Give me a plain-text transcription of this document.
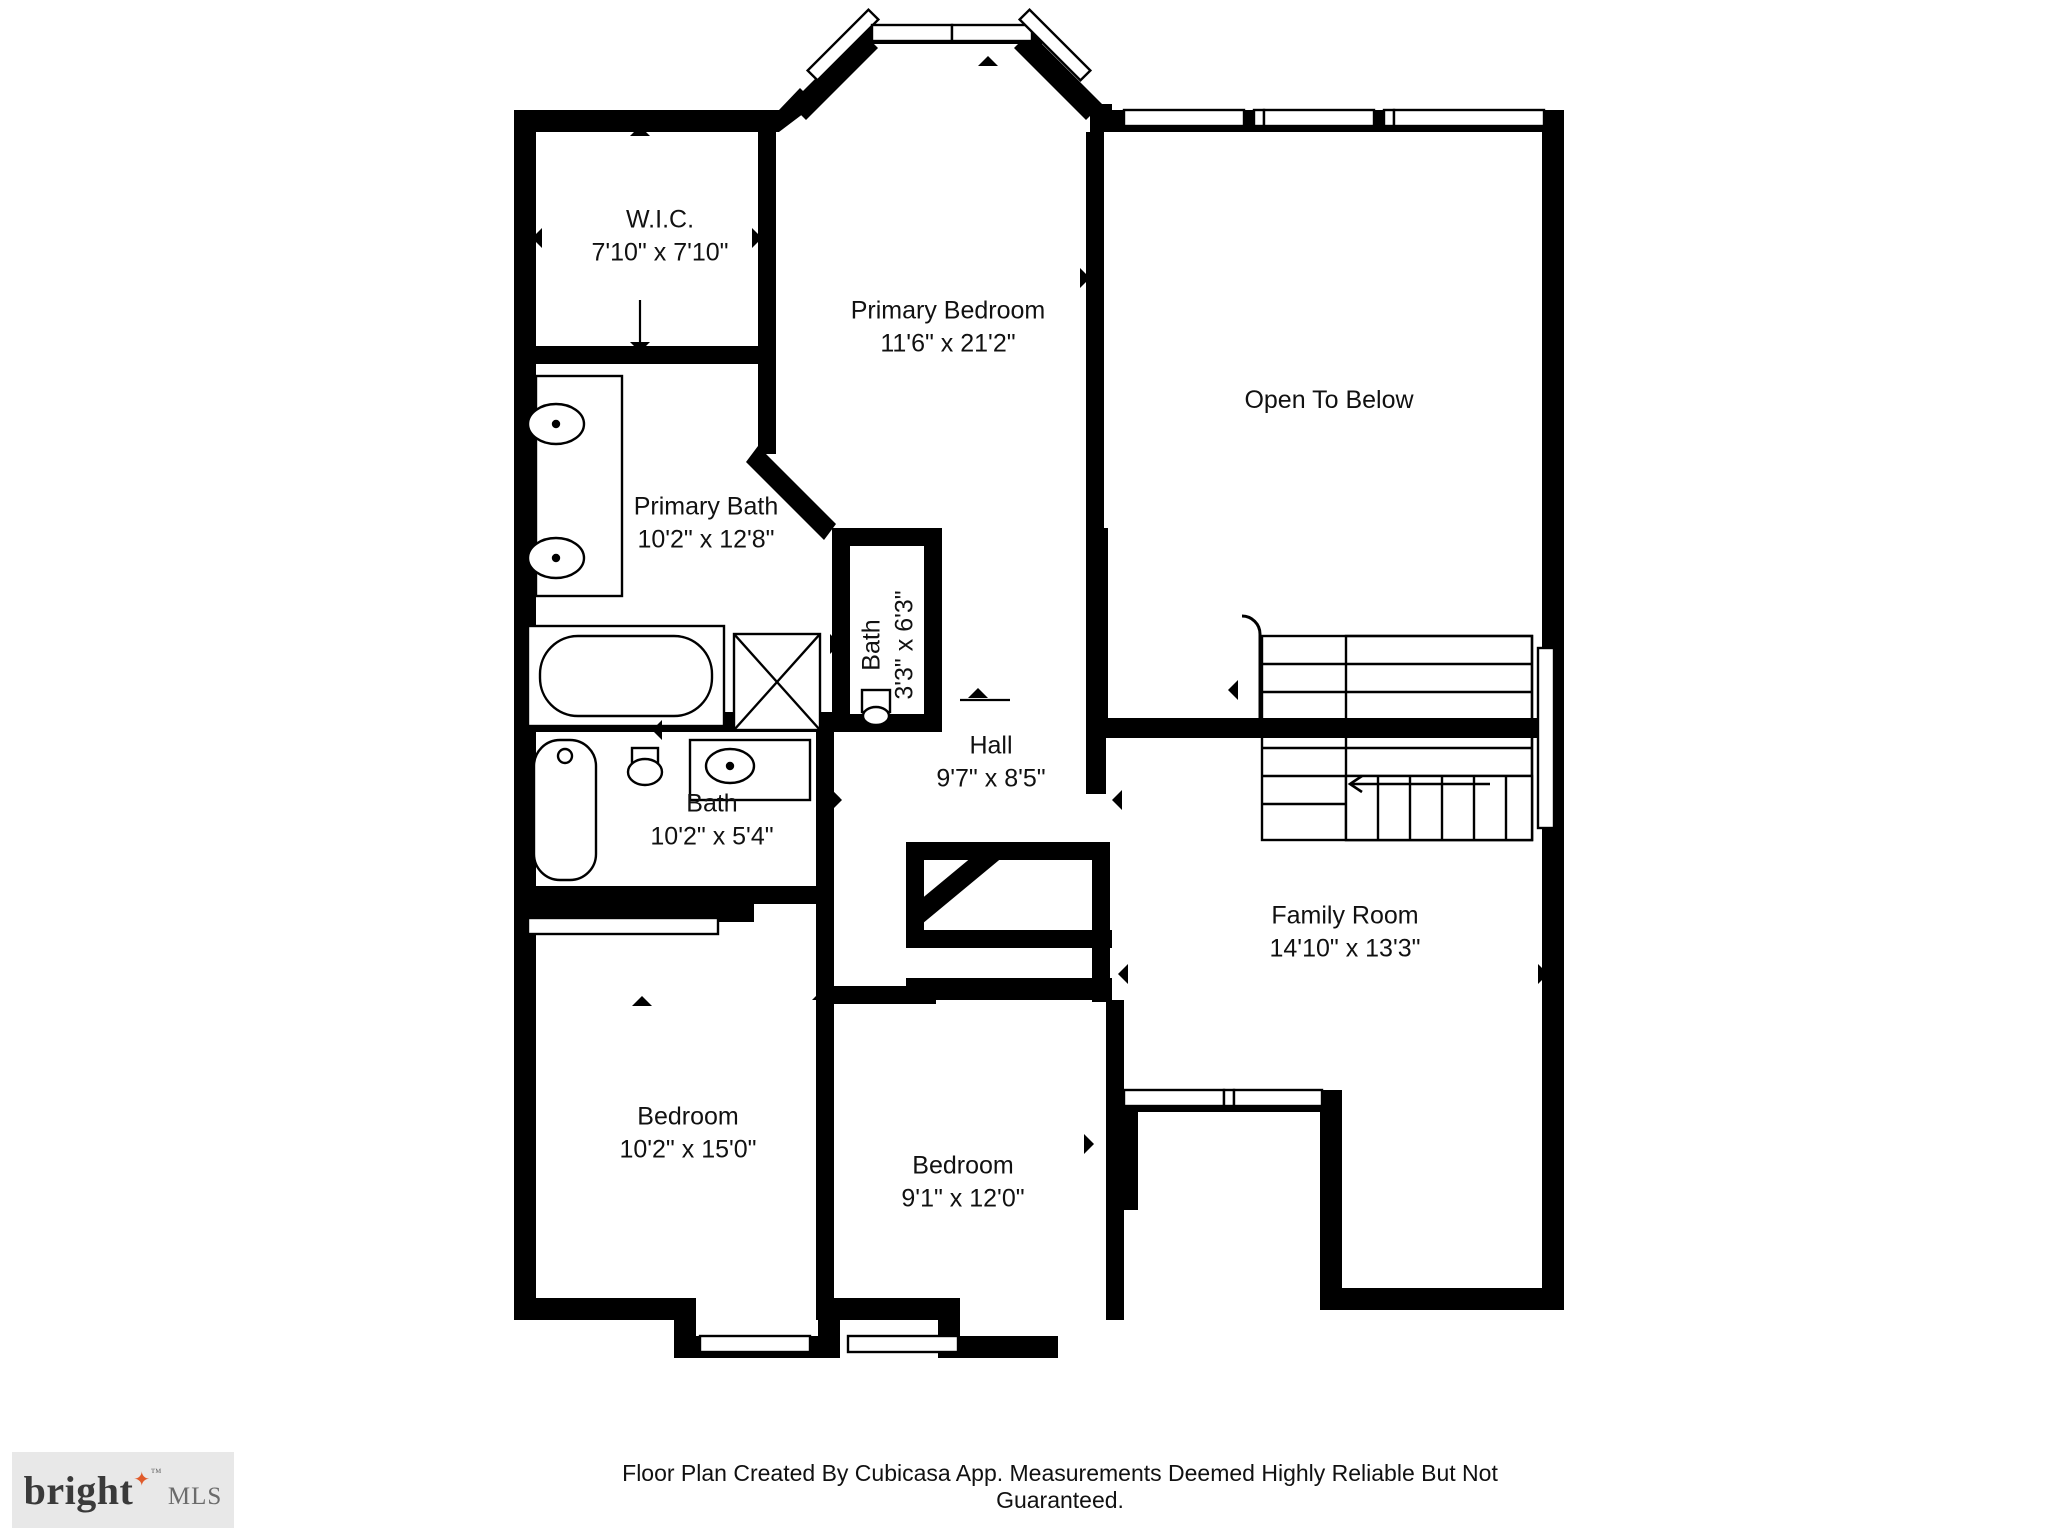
W.I.C.
7'10" x 7'10"
Primary Bedroom
11'6" x 21'2"
Open To Below
Primary Bath
10'2" x 12'8"
Bath 3'3" x 6'3"
Hall
9'7" x 8'5"
Bath
10'2" x 5'4"
Family Room
14'10" x 13'3"
Bedroom
10'2" x 15'0"
Bedroom
9'1" x 12'0"
bright✦™MLS
Floor Plan Created By Cubicasa App. Measurements Deemed Highly Reliable But Not Guaranteed.
